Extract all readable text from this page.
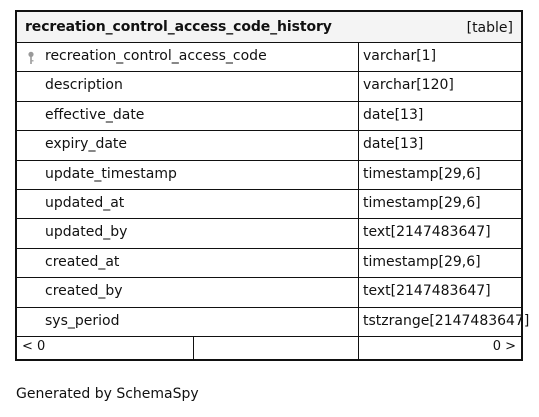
recreation_control_access_code_history	[table]
recreation_control_access_code	varchar[1]
description	varchar[120]
effective_date	date[13]
expiry_date	date[13]
update_timestamp	timestamp[29,6]
updated_at	timestamp[29,6]
updated_by	text[2147483647]
created_at	timestamp[29,6]
created_by	text[2147483647]
sys_period	tstzrange[2147483647]
< 0	0 >
Generated by SchemaSpy
